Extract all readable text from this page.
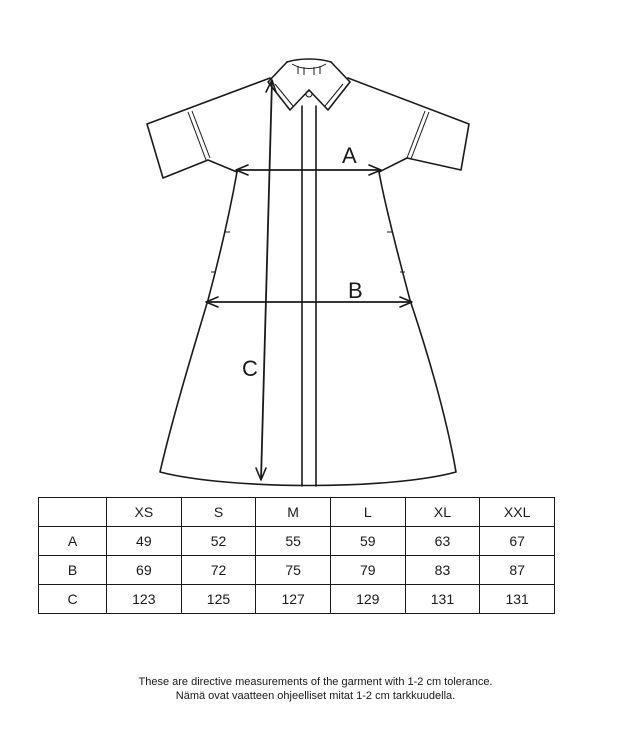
C
A
B
	XS	S	M	L	XL	XXL
A	49	52	55	59	63	67
B	69	72	75	79	83	87
C	123	125	127	129	131	131
These are directive measurements of the garment with 1-2 cm tolerance.
Nämä ovat vaatteen ohjeelliset mitat 1-2 cm tarkkuudella.
